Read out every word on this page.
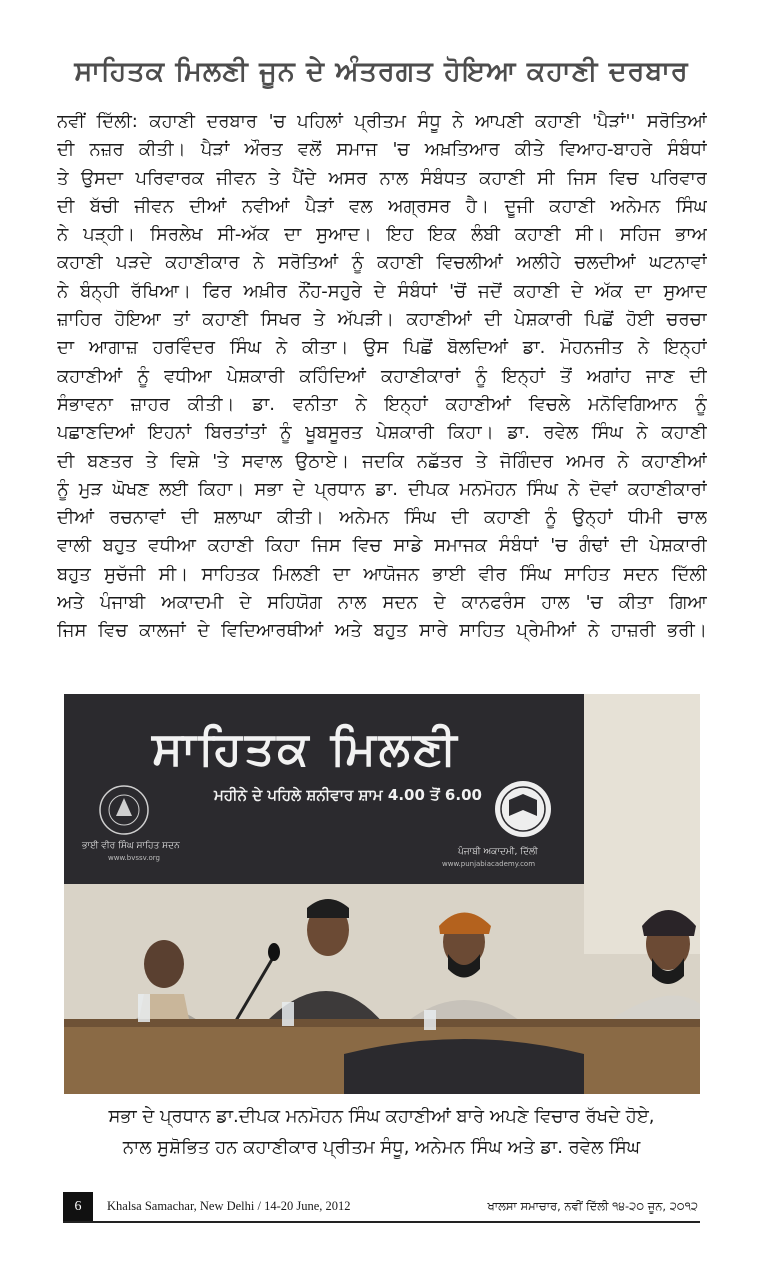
ਸਾਹਿਤਕ ਮਿਲਣੀ ਜੂਨ ਦੇ ਅੰਤਰਗਤ ਹੋਇਆ ਕਹਾਣੀ ਦਰਬਾਰ
ਨਵੀਂ ਦਿੱਲੀ: ਕਹਾਣੀ ਦਰਬਾਰ 'ਚ ਪਹਿਲਾਂ ਪ੍ਰੀਤਮ ਸੰਧੂ ਨੇ ਆਪਣੀ ਕਹਾਣੀ 'ਪੈੜਾਂ'' ਸਰੋਤਿਆਂ
ਦੀ ਨਜ਼ਰ ਕੀਤੀ। ਪੈੜਾਂ ਔਰਤ ਵਲੋਂ ਸਮਾਜ 'ਚ ਅਖ਼ਤਿਆਰ ਕੀਤੇ ਵਿਆਹ-ਬਾਹਰੇ ਸੰਬੰਧਾਂ
ਤੇ ਉਸਦਾ ਪਰਿਵਾਰਕ ਜੀਵਨ ਤੇ ਪੈਂਦੇ ਅਸਰ ਨਾਲ ਸੰਬੰਧਤ ਕਹਾਣੀ ਸੀ ਜਿਸ ਵਿਚ ਪਰਿਵਾਰ
ਦੀ ਬੱਚੀ ਜੀਵਨ ਦੀਆਂ ਨਵੀਆਂ ਪੈੜਾਂ ਵਲ ਅਗ੍ਰਸਰ ਹੈ। ਦੂਜੀ ਕਹਾਣੀ ਅਨੇਮਨ ਸਿੰਘ
ਨੇ ਪੜ੍ਹੀ। ਸਿਰਲੇਖ ਸੀ-ਅੱਕ ਦਾ ਸੁਆਦ। ਇਹ ਇਕ ਲੰਬੀ ਕਹਾਣੀ ਸੀ। ਸਹਿਜ ਭਾਅ
ਕਹਾਣੀ ਪੜਦੇ ਕਹਾਣੀਕਾਰ ਨੇ ਸਰੋਤਿਆਂ ਨੂੰ ਕਹਾਣੀ ਵਿਚਲੀਆਂ ਅਲੀਹੇ ਚਲਦੀਆਂ ਘਟਨਾਵਾਂ
ਨੇ ਬੰਨ੍ਹੀ ਰੱਖਿਆ। ਫਿਰ ਅਖ਼ੀਰ ਨੌਂਹ-ਸਹੁਰੇ ਦੇ ਸੰਬੰਧਾਂ 'ਚੋਂ ਜਦੋਂ ਕਹਾਣੀ ਦੇ ਅੱਕ ਦਾ ਸੁਆਦ
ਜ਼ਾਹਿਰ ਹੋਇਆ ਤਾਂ ਕਹਾਣੀ ਸਿਖਰ ਤੇ ਅੱਪੜੀ। ਕਹਾਣੀਆਂ ਦੀ ਪੇਸ਼ਕਾਰੀ ਪਿਛੋਂ ਹੋਈ ਚਰਚਾ
ਦਾ ਆਗਾਜ਼ ਹਰਵਿੰਦਰ ਸਿੰਘ ਨੇ ਕੀਤਾ। ਉਸ ਪਿਛੋਂ ਬੋਲਦਿਆਂ ਡਾ. ਮੋਹਨਜੀਤ ਨੇ ਇਨ੍ਹਾਂ
ਕਹਾਣੀਆਂ ਨੂੰ ਵਧੀਆ ਪੇਸ਼ਕਾਰੀ ਕਹਿੰਦਿਆਂ ਕਹਾਣੀਕਾਰਾਂ ਨੂੰ ਇਨ੍ਹਾਂ ਤੋਂ ਅਗਾਂਹ ਜਾਣ ਦੀ
ਸੰਭਾਵਨਾ ਜ਼ਾਹਰ ਕੀਤੀ। ਡਾ. ਵਨੀਤਾ ਨੇ ਇਨ੍ਹਾਂ ਕਹਾਣੀਆਂ ਵਿਚਲੇ ਮਨੋਵਿਗਿਆਨ ਨੂੰ
ਪਛਾਣਦਿਆਂ ਇਹਨਾਂ ਬਿਰਤਾਂਤਾਂ ਨੂੰ ਖੂਬਸੂਰਤ ਪੇਸ਼ਕਾਰੀ ਕਿਹਾ। ਡਾ. ਰਵੇਲ ਸਿੰਘ ਨੇ ਕਹਾਣੀ
ਦੀ ਬਣਤਰ ਤੇ ਵਿਸ਼ੇ 'ਤੇ ਸਵਾਲ ਉਠਾਏ। ਜਦਕਿ ਨਛੱਤਰ ਤੇ ਜੋਗਿੰਦਰ ਅਮਰ ਨੇ ਕਹਾਣੀਆਂ
ਨੂੰ ਮੁੜ ਘੋਖਣ ਲਈ ਕਿਹਾ। ਸਭਾ ਦੇ ਪ੍ਰਧਾਨ ਡਾ. ਦੀਪਕ ਮਨਮੋਹਨ ਸਿੰਘ ਨੇ ਦੋਵਾਂ ਕਹਾਣੀਕਾਰਾਂ
ਦੀਆਂ ਰਚਨਾਵਾਂ ਦੀ ਸ਼ਲਾਘਾ ਕੀਤੀ। ਅਨੇਮਨ ਸਿੰਘ ਦੀ ਕਹਾਣੀ ਨੂੰ ਉਨ੍ਹਾਂ ਧੀਮੀ ਚਾਲ
ਵਾਲੀ ਬਹੁਤ ਵਧੀਆ ਕਹਾਣੀ ਕਿਹਾ ਜਿਸ ਵਿਚ ਸਾਡੇ ਸਮਾਜਕ ਸੰਬੰਧਾਂ 'ਚ ਗੰਢਾਂ ਦੀ ਪੇਸ਼ਕਾਰੀ
ਬਹੁਤ ਸੁਚੱਜੀ ਸੀ। ਸਾਹਿਤਕ ਮਿਲਣੀ ਦਾ ਆਯੋਜਨ ਭਾਈ ਵੀਰ ਸਿੰਘ ਸਾਹਿਤ ਸਦਨ ਦਿੱਲੀ
ਅਤੇ ਪੰਜਾਬੀ ਅਕਾਦਮੀ ਦੇ ਸਹਿਯੋਗ ਨਾਲ ਸਦਨ ਦੇ ਕਾਨਫਰੰਸ ਹਾਲ 'ਚ ਕੀਤਾ ਗਿਆ
ਜਿਸ ਵਿਚ ਕਾਲਜਾਂ ਦੇ ਵਿਦਿਆਰਥੀਆਂ ਅਤੇ ਬਹੁਤ ਸਾਰੇ ਸਾਹਿਤ ਪ੍ਰੇਮੀਆਂ ਨੇ ਹਾਜ਼ਰੀ ਭਰੀ।
ਸਾਹਿਤਕ ਮਿਲਣੀ
ਮਹੀਨੇ ਦੇ ਪਹਿਲੇ ਸ਼ਨੀਵਾਰ ਸ਼ਾਮ 4.00 ਤੋਂ 6.00
ਭਾਈ ਵੀਰ ਸਿੰਘ ਸਾਹਿਤ ਸਦਨ
www.bvssv.org
ਪੰਜਾਬੀ ਅਕਾਦਮੀ, ਦਿੱਲੀ
www.punjabiacademy.com
ਸਭਾ ਦੇ ਪ੍ਰਧਾਨ ਡਾ.ਦੀਪਕ ਮਨਮੋਹਨ ਸਿੰਘ ਕਹਾਣੀਆਂ ਬਾਰੇ ਅਪਣੇ ਵਿਚਾਰ ਰੱਖਦੇ ਹੋਏ,
ਨਾਲ ਸੁਸ਼ੋਭਿਤ ਹਨ ਕਹਾਣੀਕਾਰ ਪ੍ਰੀਤਮ ਸੰਧੂ, ਅਨੇਮਨ ਸਿੰਘ ਅਤੇ ਡਾ. ਰਵੇਲ ਸਿੰਘ
6	Khalsa Samachar, New Delhi / 14-20 June, 2012	ਖਾਲਸਾ ਸਮਾਚਾਰ, ਨਵੀਂ ਦਿੱਲੀ ੧੪-੨੦ ਜੂਨ, ੨੦੧੨
